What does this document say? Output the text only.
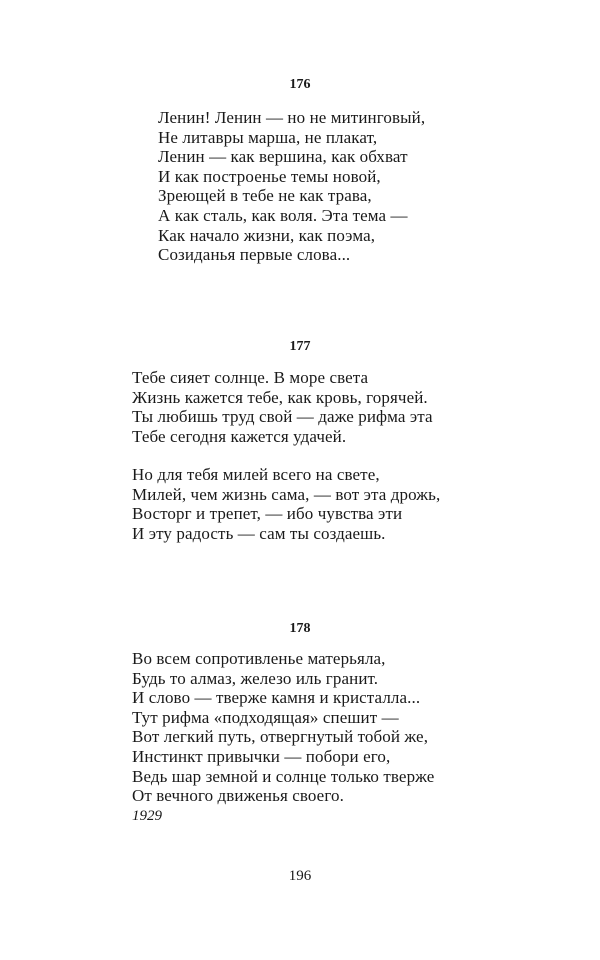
176
Ленин! Ленин — но не митинговый,
Не литавры марша, не плакат,
Ленин — как вершина, как обхват
И как построенье темы новой,
Зреющей в тебе не как трава,
А как сталь, как воля. Эта тема —
Как начало жизни, как поэма,
Созиданья первые слова...
177
Тебе сияет солнце. В море света
Жизнь кажется тебе, как кровь, горячей.
Ты любишь труд свой — даже рифма эта
Тебе сегодня кажется удачей.
Но для тебя милей всего на свете,
Милей, чем жизнь сама, — вот эта дрожь,
Восторг и трепет, — ибо чувства эти
И эту радость — сам ты создаешь.
178
Во всем сопротивленье матерьяла,
Будь то алмаз, железо иль гранит.
И слово — тверже камня и кристалла...
Тут рифма «подходящая» спешит —
Вот легкий путь, отвергнутый тобой же,
Инстинкт привычки — побори его,
Ведь шар земной и солнце только тверже
От вечного движенья своего.
1929
196
